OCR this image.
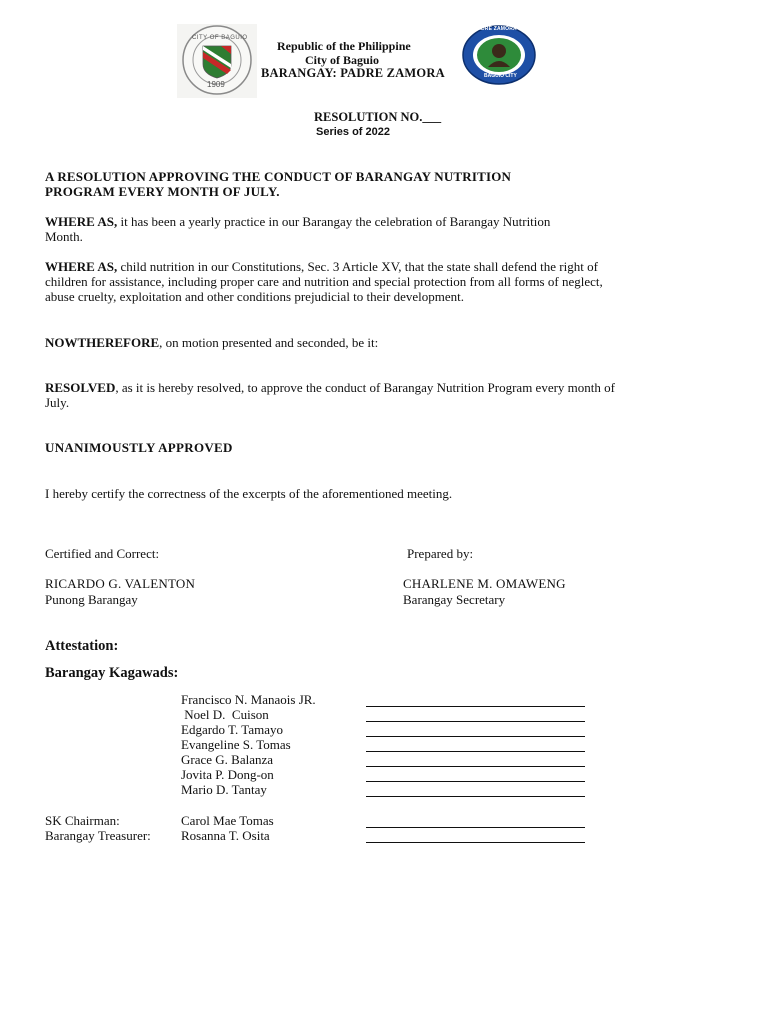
CITY OF BAGUIO
1909
Republic of the Philippine
City of Baguio
BARANGAY: PADRE ZAMORA
PADRE ZAMORA BARANGAY
BAGUIO CITY
RESOLUTION NO.___
Series of 2022
A RESOLUTION APPROVING THE CONDUCT OF BARANGAY NUTRITION
PROGRAM EVERY MONTH OF JULY.
WHERE AS, it has been a yearly practice in our Barangay the celebration of Barangay Nutrition
Month.
WHERE AS, child nutrition in our Constitutions, Sec. 3 Article XV, that the state shall defend the right of
children for assistance, including proper care and nutrition and special protection from all forms of neglect,
abuse cruelty, exploitation and other conditions prejudicial to their development.
NOWTHEREFORE, on motion presented and seconded, be it:
RESOLVED, as it is hereby resolved, to approve the conduct of Barangay Nutrition Program every month of
July.
UNANIMOUSTLY APPROVED
I hereby certify the correctness of the excerpts of the aforementioned meeting.
Certified and Correct:	Prepared by:
RICARDO G. VALENTON
Punong Barangay
CHARLENE M. OMAWENG
Barangay Secretary
Attestation:
Barangay Kagawads:
Francisco N. Manaois JR.
Noel D.  Cuison
Edgardo T. Tamayo
Evangeline S. Tomas
Grace G. Balanza
Jovita P. Dong-on
Mario D. Tantay
SK Chairman:	Carol Mae Tomas
Barangay Treasurer: Rosanna T. Osita
